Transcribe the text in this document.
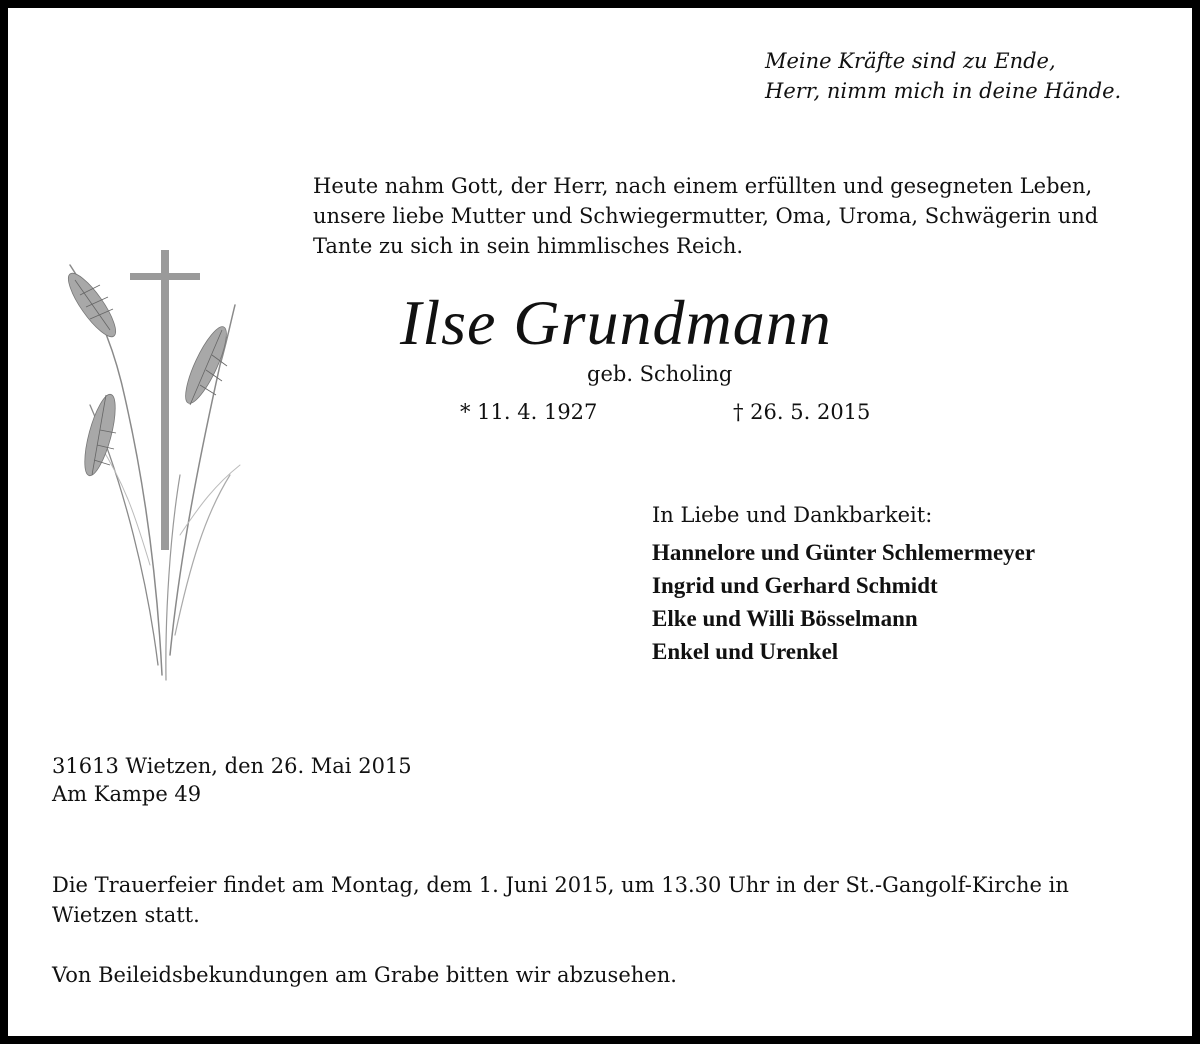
Meine Kräfte sind zu Ende,
Herr, nimm mich in deine Hände.
Heute nahm Gott, der Herr, nach einem erfüllten und gesegneten Leben,
unsere liebe Mutter und Schwiegermutter, Oma, Uroma, Schwägerin und
Tante zu sich in sein himmlisches Reich.
Ilse Grundmann
geb. Scholing
* 11. 4. 1927	† 26. 5. 2015
In Liebe und Dankbarkeit:
Hannelore und Günter Schlemermeyer
Ingrid und Gerhard Schmidt
Elke und Willi Bösselmann
Enkel und Urenkel
31613 Wietzen, den 26. Mai 2015
Am Kampe 49
Die Trauerfeier findet am Montag, dem 1. Juni 2015, um 13.30 Uhr in der St.-Gangolf-Kirche in
Wietzen statt.
Von Beileidsbekundungen am Grabe bitten wir abzusehen.
